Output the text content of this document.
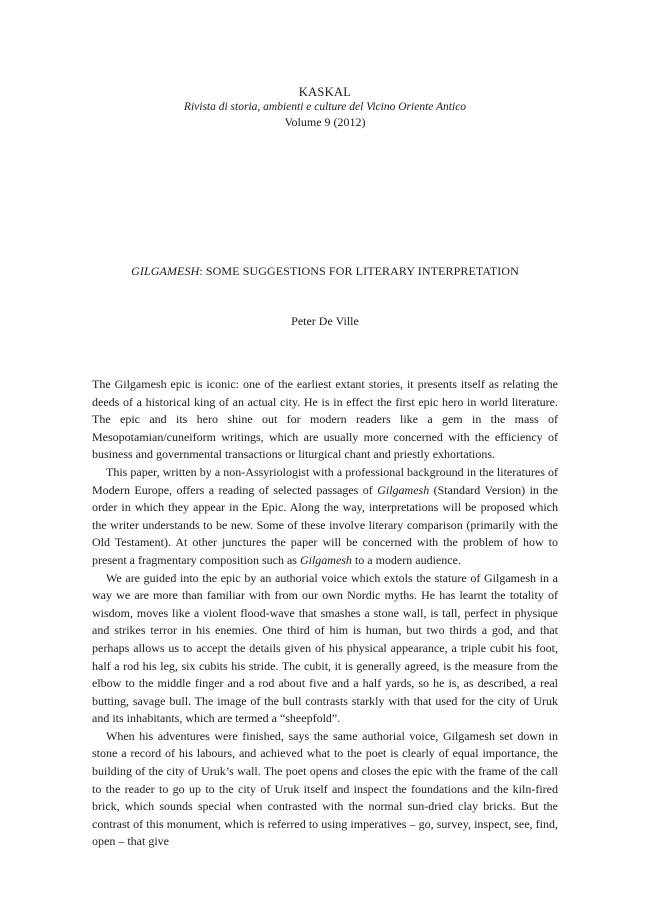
KASKAL
Rivista di storia, ambienti e culture del Vicino Oriente Antico
Volume 9 (2012)
GILGAMESH: SOME SUGGESTIONS FOR LITERARY INTERPRETATION
Peter De Ville

The Gilgamesh epic is iconic: one of the earliest extant stories, it presents itself as relating the deeds of a historical king of an actual city. He is in effect the first epic hero in world literature. The epic and its hero shine out for modern readers like a gem in the mass of Mesopotamian/cuneiform writings, which are usually more concerned with the efficiency of business and governmental transactions or liturgical chant and priestly exhortations.

This paper, written by a non-Assyriologist with a professional background in the literatures of Modern Europe, offers a reading of selected passages of Gilgamesh (Standard Version) in the order in which they appear in the Epic. Along the way, interpretations will be proposed which the writer understands to be new. Some of these involve literary comparison (primarily with the Old Testament). At other junctures the paper will be concerned with the problem of how to present a fragmentary composition such as Gilgamesh to a modern audience.

We are guided into the epic by an authorial voice which extols the stature of Gilgamesh in a way we are more than familiar with from our own Nordic myths. He has learnt the totality of wisdom, moves like a violent flood-wave that smashes a stone wall, is tall, perfect in physique and strikes terror in his enemies. One third of him is human, but two thirds a god, and that perhaps allows us to accept the details given of his physical appearance, a triple cubit his foot, half a rod his leg, six cubits his stride. The cubit, it is generally agreed, is the measure from the elbow to the middle finger and a rod about five and a half yards, so he is, as described, a real butting, savage bull. The image of the bull contrasts starkly with that used for the city of Uruk and its inhabitants, which are termed a “sheepfold”.

When his adventures were finished, says the same authorial voice, Gilgamesh set down in stone a record of his labours, and achieved what to the poet is clearly of equal importance, the building of the city of Uruk’s wall. The poet opens and closes the epic with the frame of the call to the reader to go up to the city of Uruk itself and inspect the foundations and the kiln-fired brick, which sounds special when contrasted with the normal sun-dried clay bricks. But the contrast of this monument, which is referred to using imperatives – go, survey, inspect, see, find, open – that give
